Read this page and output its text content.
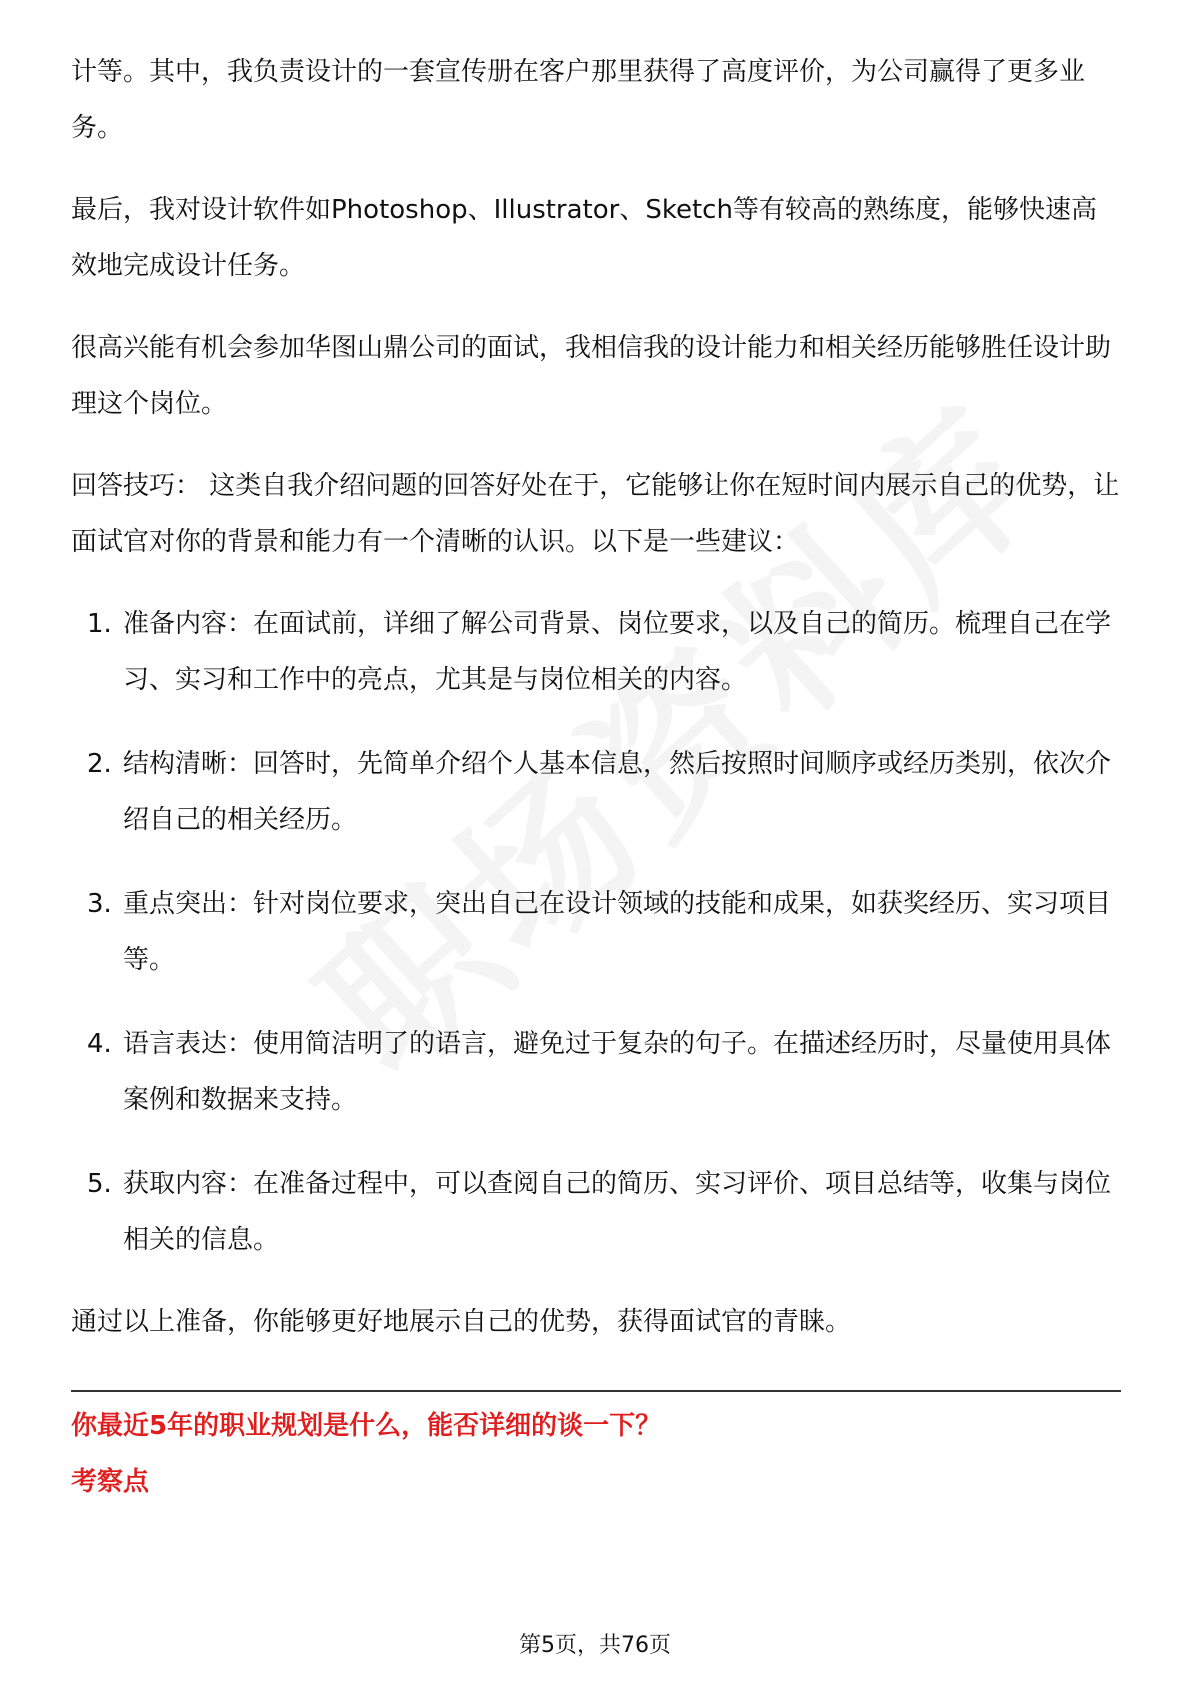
计等。其中，我负责设计的一套宣传册在客户那里获得了高度评价，为公司赢得了更多业务。

最后，我对设计软件如Photoshop、Illustrator、Sketch等有较高的熟练度，能够快速高效地完成设计任务。

很高兴能有机会参加华图山鼎公司的面试，我相信我的设计能力和相关经历能够胜任设计助理这个岗位。

回答技巧： 这类自我介绍问题的回答好处在于，它能够让你在短时间内展示自己的优势，让面试官对你的背景和能力有一个清晰的认识。以下是一些建议：

1. 准备内容：在面试前，详细了解公司背景、岗位要求，以及自己的简历。梳理自己在学习、实习和工作中的亮点，尤其是与岗位相关的内容。
2. 结构清晰：回答时，先简单介绍个人基本信息，然后按照时间顺序或经历类别，依次介绍自己的相关经历。
3. 重点突出：针对岗位要求，突出自己在设计领域的技能和成果，如获奖经历、实习项目等。
4. 语言表达：使用简洁明了的语言，避免过于复杂的句子。在描述经历时，尽量使用具体案例和数据来支持。
5. 获取内容：在准备过程中，可以查阅自己的简历、实习评价、项目总结等，收集与岗位相关的信息。

通过以上准备，你能够更好地展示自己的优势，获得面试官的青睐。

你最近5年的职业规划是什么，能否详细的谈一下？

考察点

第5页，共76页
